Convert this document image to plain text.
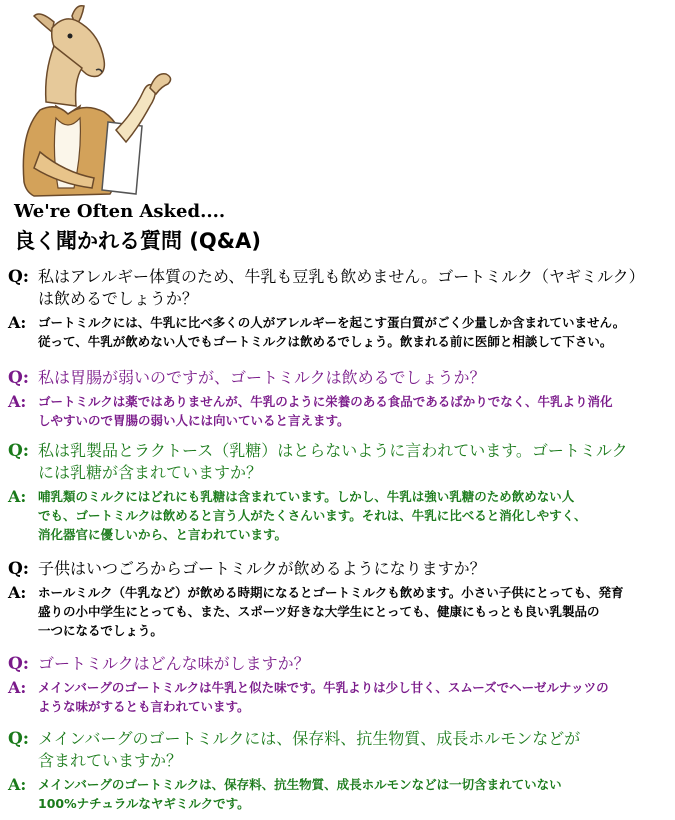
We're Often Asked....
良く聞かれる質問 (Q&A)
Q: 私はアレルギー体質のため、牛乳も豆乳も飲めません。ゴートミルク（ヤギミルク）
は飲めるでしょうか？
A: ゴートミルクには、牛乳に比べ多くの人がアレルギーを起こす蛋白質がごく少量しか含まれていません。
従って、牛乳が飲めない人でもゴートミルクは飲めるでしょう。飲まれる前に医師と相談して下さい。
Q: 私は胃腸が弱いのですが、ゴートミルクは飲めるでしょうか？
A: ゴートミルクは薬ではありませんが、牛乳のように栄養のある食品であるばかりでなく、牛乳より消化
しやすいので胃腸の弱い人には向いていると言えます。
Q: 私は乳製品とラクトース（乳糖）はとらないように言われています。ゴートミルク
には乳糖が含まれていますか？
A: 哺乳類のミルクにはどれにも乳糖は含まれています。しかし、牛乳は強い乳糖のため飲めない人
でも、ゴートミルクは飲めると言う人がたくさんいます。それは、牛乳に比べると消化しやすく、
消化器官に優しいから、と言われています。
Q: 子供はいつごろからゴートミルクが飲めるようになりますか？
A: ホールミルク（牛乳など）が飲める時期になるとゴートミルクも飲めます。小さい子供にとっても、発育
盛りの小中学生にとっても、また、スポーツ好きな大学生にとっても、健康にもっとも良い乳製品の
一つになるでしょう。
Q: ゴートミルクはどんな味がしますか？
A: メインバーグのゴートミルクは牛乳と似た味です。牛乳よりは少し甘く、スムーズでヘーゼルナッツの
ような味がするとも言われています。
Q: メインバーグのゴートミルクには、保存料、抗生物質、成長ホルモンなどが
含まれていますか？
A: メインバーグのゴートミルクは、保存料、抗生物質、成長ホルモンなどは一切含まれていない
100%ナチュラルなヤギミルクです。
